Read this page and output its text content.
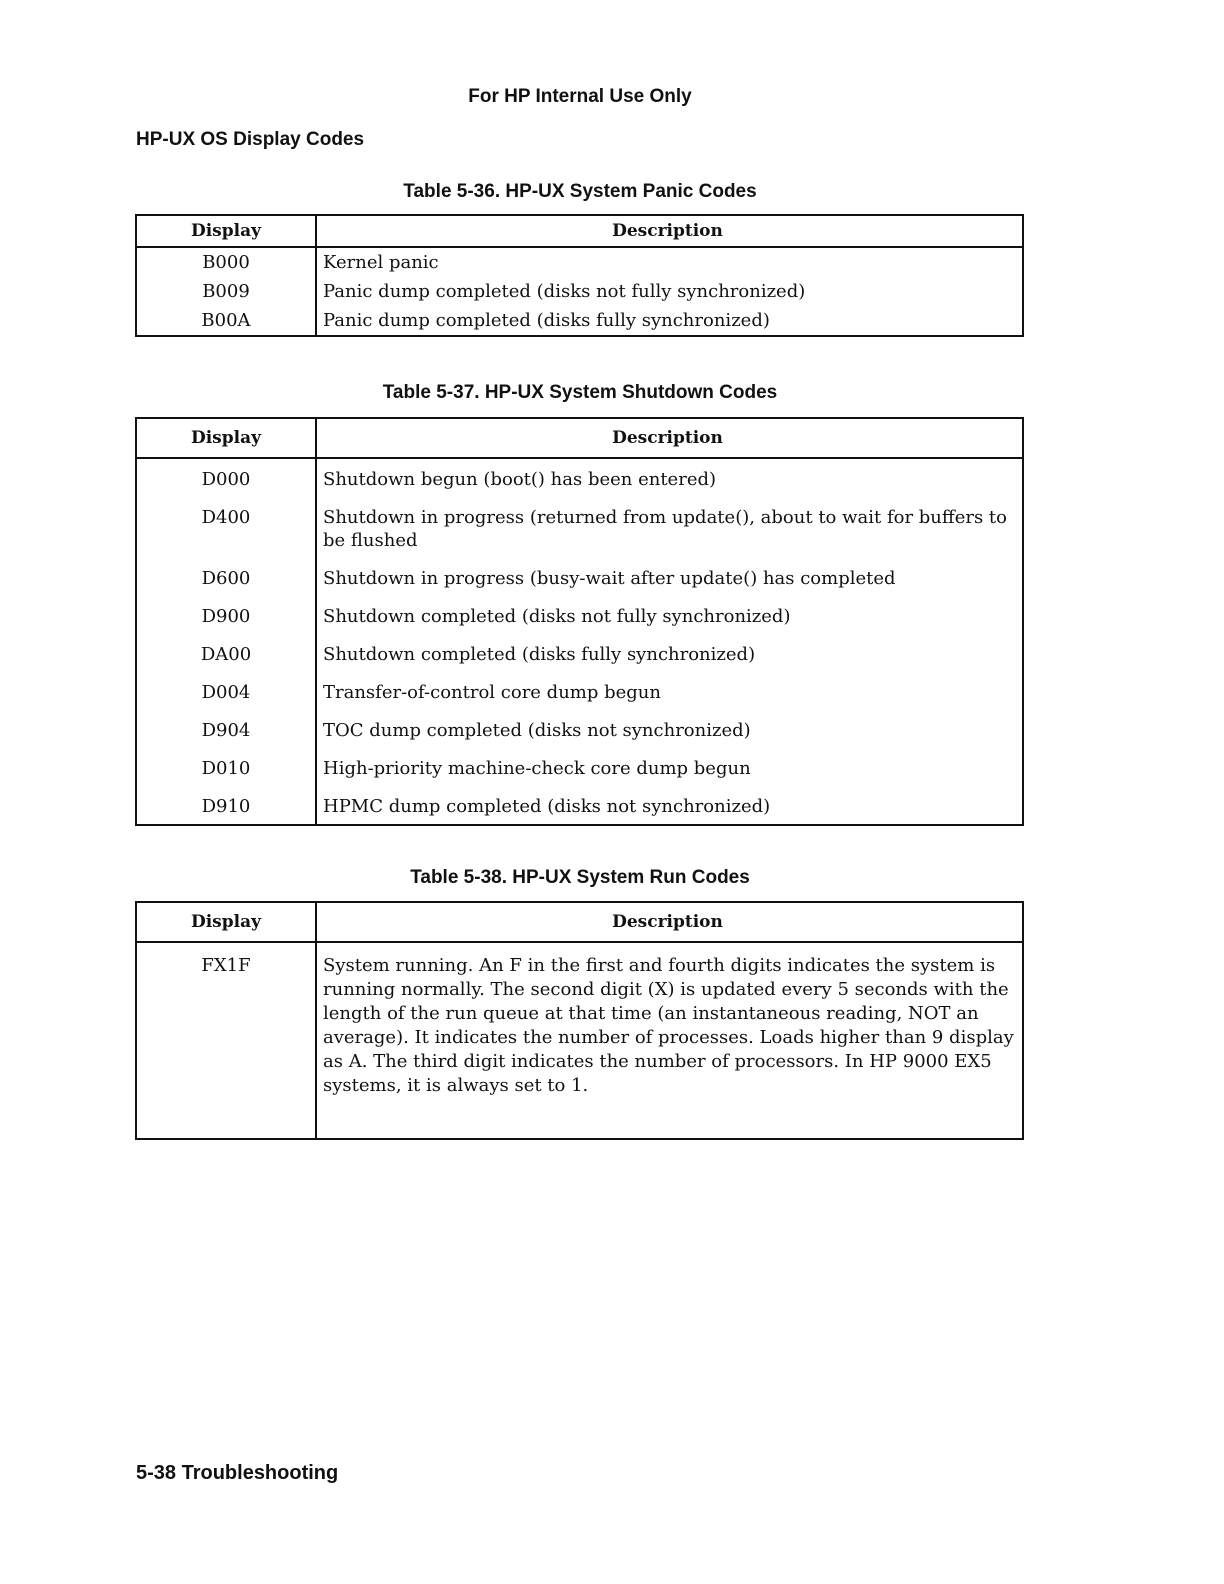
For HP Internal Use Only
HP-UX OS Display Codes
Table 5-36. HP-UX System Panic Codes
Display	Description
B000	Kernel panic
B009	Panic dump completed (disks not fully synchronized)
B00A	Panic dump completed (disks fully synchronized)
Table 5-37. HP-UX System Shutdown Codes
Display	Description
D000	Shutdown begun (boot() has been entered)
D400	Shutdown in progress (returned from update(), about to wait for buffers to be flushed
D600	Shutdown in progress (busy-wait after update() has completed
D900	Shutdown completed (disks not fully synchronized)
DA00	Shutdown completed (disks fully synchronized)
D004	Transfer-of-control core dump begun
D904	TOC dump completed (disks not synchronized)
D010	High-priority machine-check core dump begun
D910	HPMC dump completed (disks not synchronized)
Table 5-38. HP-UX System Run Codes
Display	Description
FX1F	System running. An F in the first and fourth digits indicates the system is running normally. The second digit (X) is updated every 5 seconds with the length of the run queue at that time (an instantaneous reading, NOT an average). It indicates the number of processes. Loads higher than 9 display as A. The third digit indicates the number of processors. In HP 9000 EX5 systems, it is always set to 1.
5-38 Troubleshooting
